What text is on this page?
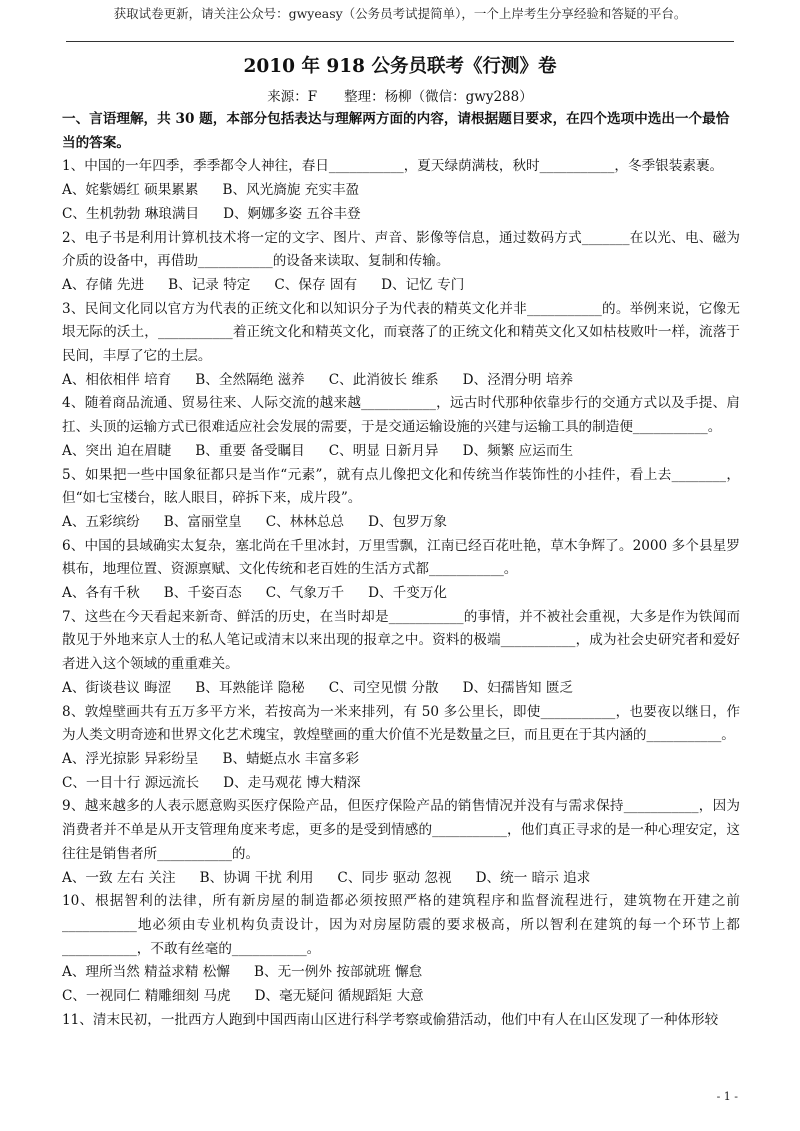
获取试卷更新，请关注公众号：gwyeasy（公务员考试提简单），一个上岸考生分享经验和答疑的平台。
2010 年 918 公务员联考《行测》卷
来源：F　　整理：杨柳（微信：gwy288）
一、言语理解，共 30 题，本部分包括表达与理解两方面的内容，请根据题目要求，在四个选项中选出一个最恰当的答案。

1、中国的一年四季，季季都令人神往，春日___________，夏天绿荫满枝，秋时___________，冬季银装素裹。

A、姹紫嫣红 硕果累累 B、风光旖旎 充实丰盈
C、生机勃勃 琳琅满目 D、婀娜多姿 五谷丰登

2、电子书是利用计算机技术将一定的文字、图片、声音、影像等信息，通过数码方式_______在以光、电、磁为介质的设备中，再借助___________的设备来读取、复制和传输。

A、存储 先进 B、记录 特定 C、保存 固有 D、记忆 专门

3、民间文化同以官方为代表的正统文化和以知识分子为代表的精英文化并非___________的。举例来说，它像无垠无际的沃土，___________着正统文化和精英文化，而衰落了的正统文化和精英文化又如枯枝败叶一样，流落于民间，丰厚了它的土层。

A、相依相伴 培育 B、全然隔绝 滋养 C、此消彼长 维系 D、泾渭分明 培养

4、随着商品流通、贸易往来、人际交流的越来越___________，远古时代那种依靠步行的交通方式以及手提、肩扛、头顶的运输方式已很难适应社会发展的需要，于是交通运输设施的兴建与运输工具的制造便___________。

A、突出 迫在眉睫 B、重要 备受瞩目 C、明显 日新月异 D、频繁 应运而生

5、如果把一些中国象征都只是当作“元素”，就有点儿像把文化和传统当作装饰性的小挂件，看上去________，但“如七宝楼台，眩人眼目，碎拆下来，成片段”。

A、五彩缤纷 B、富丽堂皇 C、林林总总 D、包罗万象

6、中国的县域确实太复杂，塞北尚在千里冰封，万里雪飘，江南已经百花吐艳，草木争辉了。2000 多个县星罗棋布，地理位置、资源禀赋、文化传统和老百姓的生活方式都___________。

A、各有千秋 B、千姿百态 C、气象万千 D、千变万化

7、这些在今天看起来新奇、鲜活的历史，在当时却是___________的事情，并不被社会重视，大多是作为铁闻而散见于外地来京人士的私人笔记或清末以来出现的报章之中。资料的极端___________，成为社会史研究者和爱好者进入这个领域的重重难关。

A、街谈巷议 晦涩 B、耳熟能详 隐秘 C、司空见惯 分散 D、妇孺皆知 匮乏

8、敦煌壁画共有五万多平方米，若按高为一米来排列，有 50 多公里长，即使___________，也要夜以继日，作为人类文明奇迹和世界文化艺术瑰宝，敦煌壁画的重大价值不光是数量之巨，而且更在于其内涵的___________。

A、浮光掠影 异彩纷呈 B、蜻蜓点水 丰富多彩
C、一目十行 源远流长 D、走马观花 博大精深

9、越来越多的人表示愿意购买医疗保险产品，但医疗保险产品的销售情况并没有与需求保持___________，因为消费者并不单是从开支管理角度来考虑，更多的是受到情感的___________，他们真正寻求的是一种心理安定，这往往是销售者所___________的。

A、一致 左右 关注 B、协调 干扰 利用 C、同步 驱动 忽视 D、统一 暗示 追求

10、根据智利的法律，所有新房屋的制造都必须按照严格的建筑程序和监督流程进行，建筑物在开建之前___________地必须由专业机构负责设计，因为对房屋防震的要求极高，所以智利在建筑的每一个环节上都___________，不敢有丝毫的___________。

A、理所当然 精益求精 松懈 B、无一例外 按部就班 懈怠
C、一视同仁 精雕细刻 马虎 D、毫无疑问 循规蹈矩 大意

11、清末民初，一批西方人跑到中国西南山区进行科学考察或偷猎活动，他们中有人在山区发现了一种体形较

- 1 -
